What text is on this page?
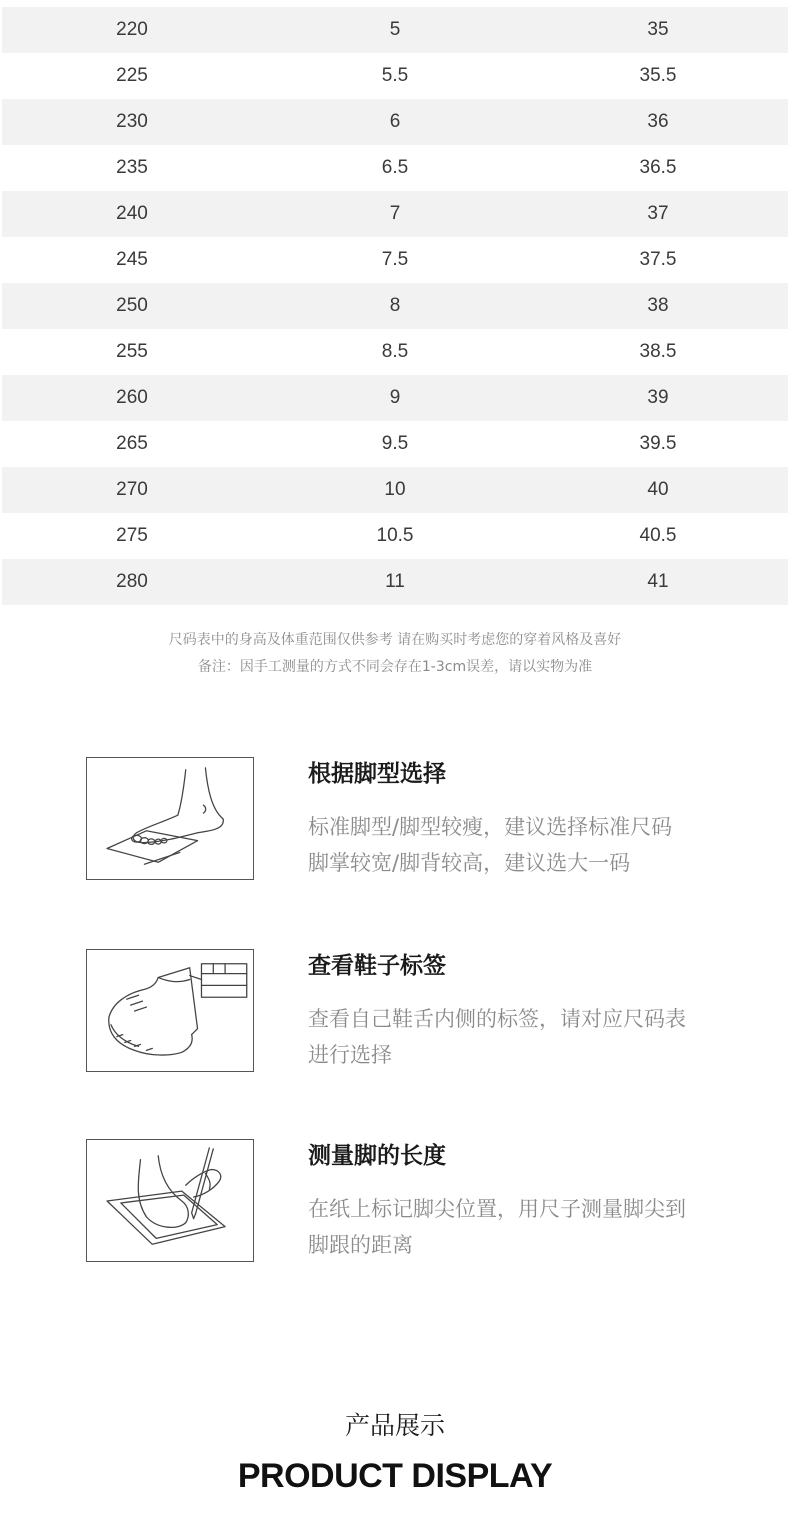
220	5	35
225	5.5	35.5
230	6	36
235	6.5	36.5
240	7	37
245	7.5	37.5
250	8	38
255	8.5	38.5
260	9	39
265	9.5	39.5
270	10	40
275	10.5	40.5
280	11	41

尺码表中的身高及体重范围仅供参考 请在购买时考虑您的穿着风格及喜好

备注：因手工测量的方式不同会存在1-3cm误差，请以实物为准

根据脚型选择

标准脚型/脚型较瘦，建议选择标准尺码

脚掌较宽/脚背较高，建议选大一码

查看鞋子标签

查看自己鞋舌内侧的标签，请对应尺码表

进行选择

测量脚的长度

在纸上标记脚尖位置，用尺子测量脚尖到

脚跟的距离

产品展示
PRODUCT DISPLAY
